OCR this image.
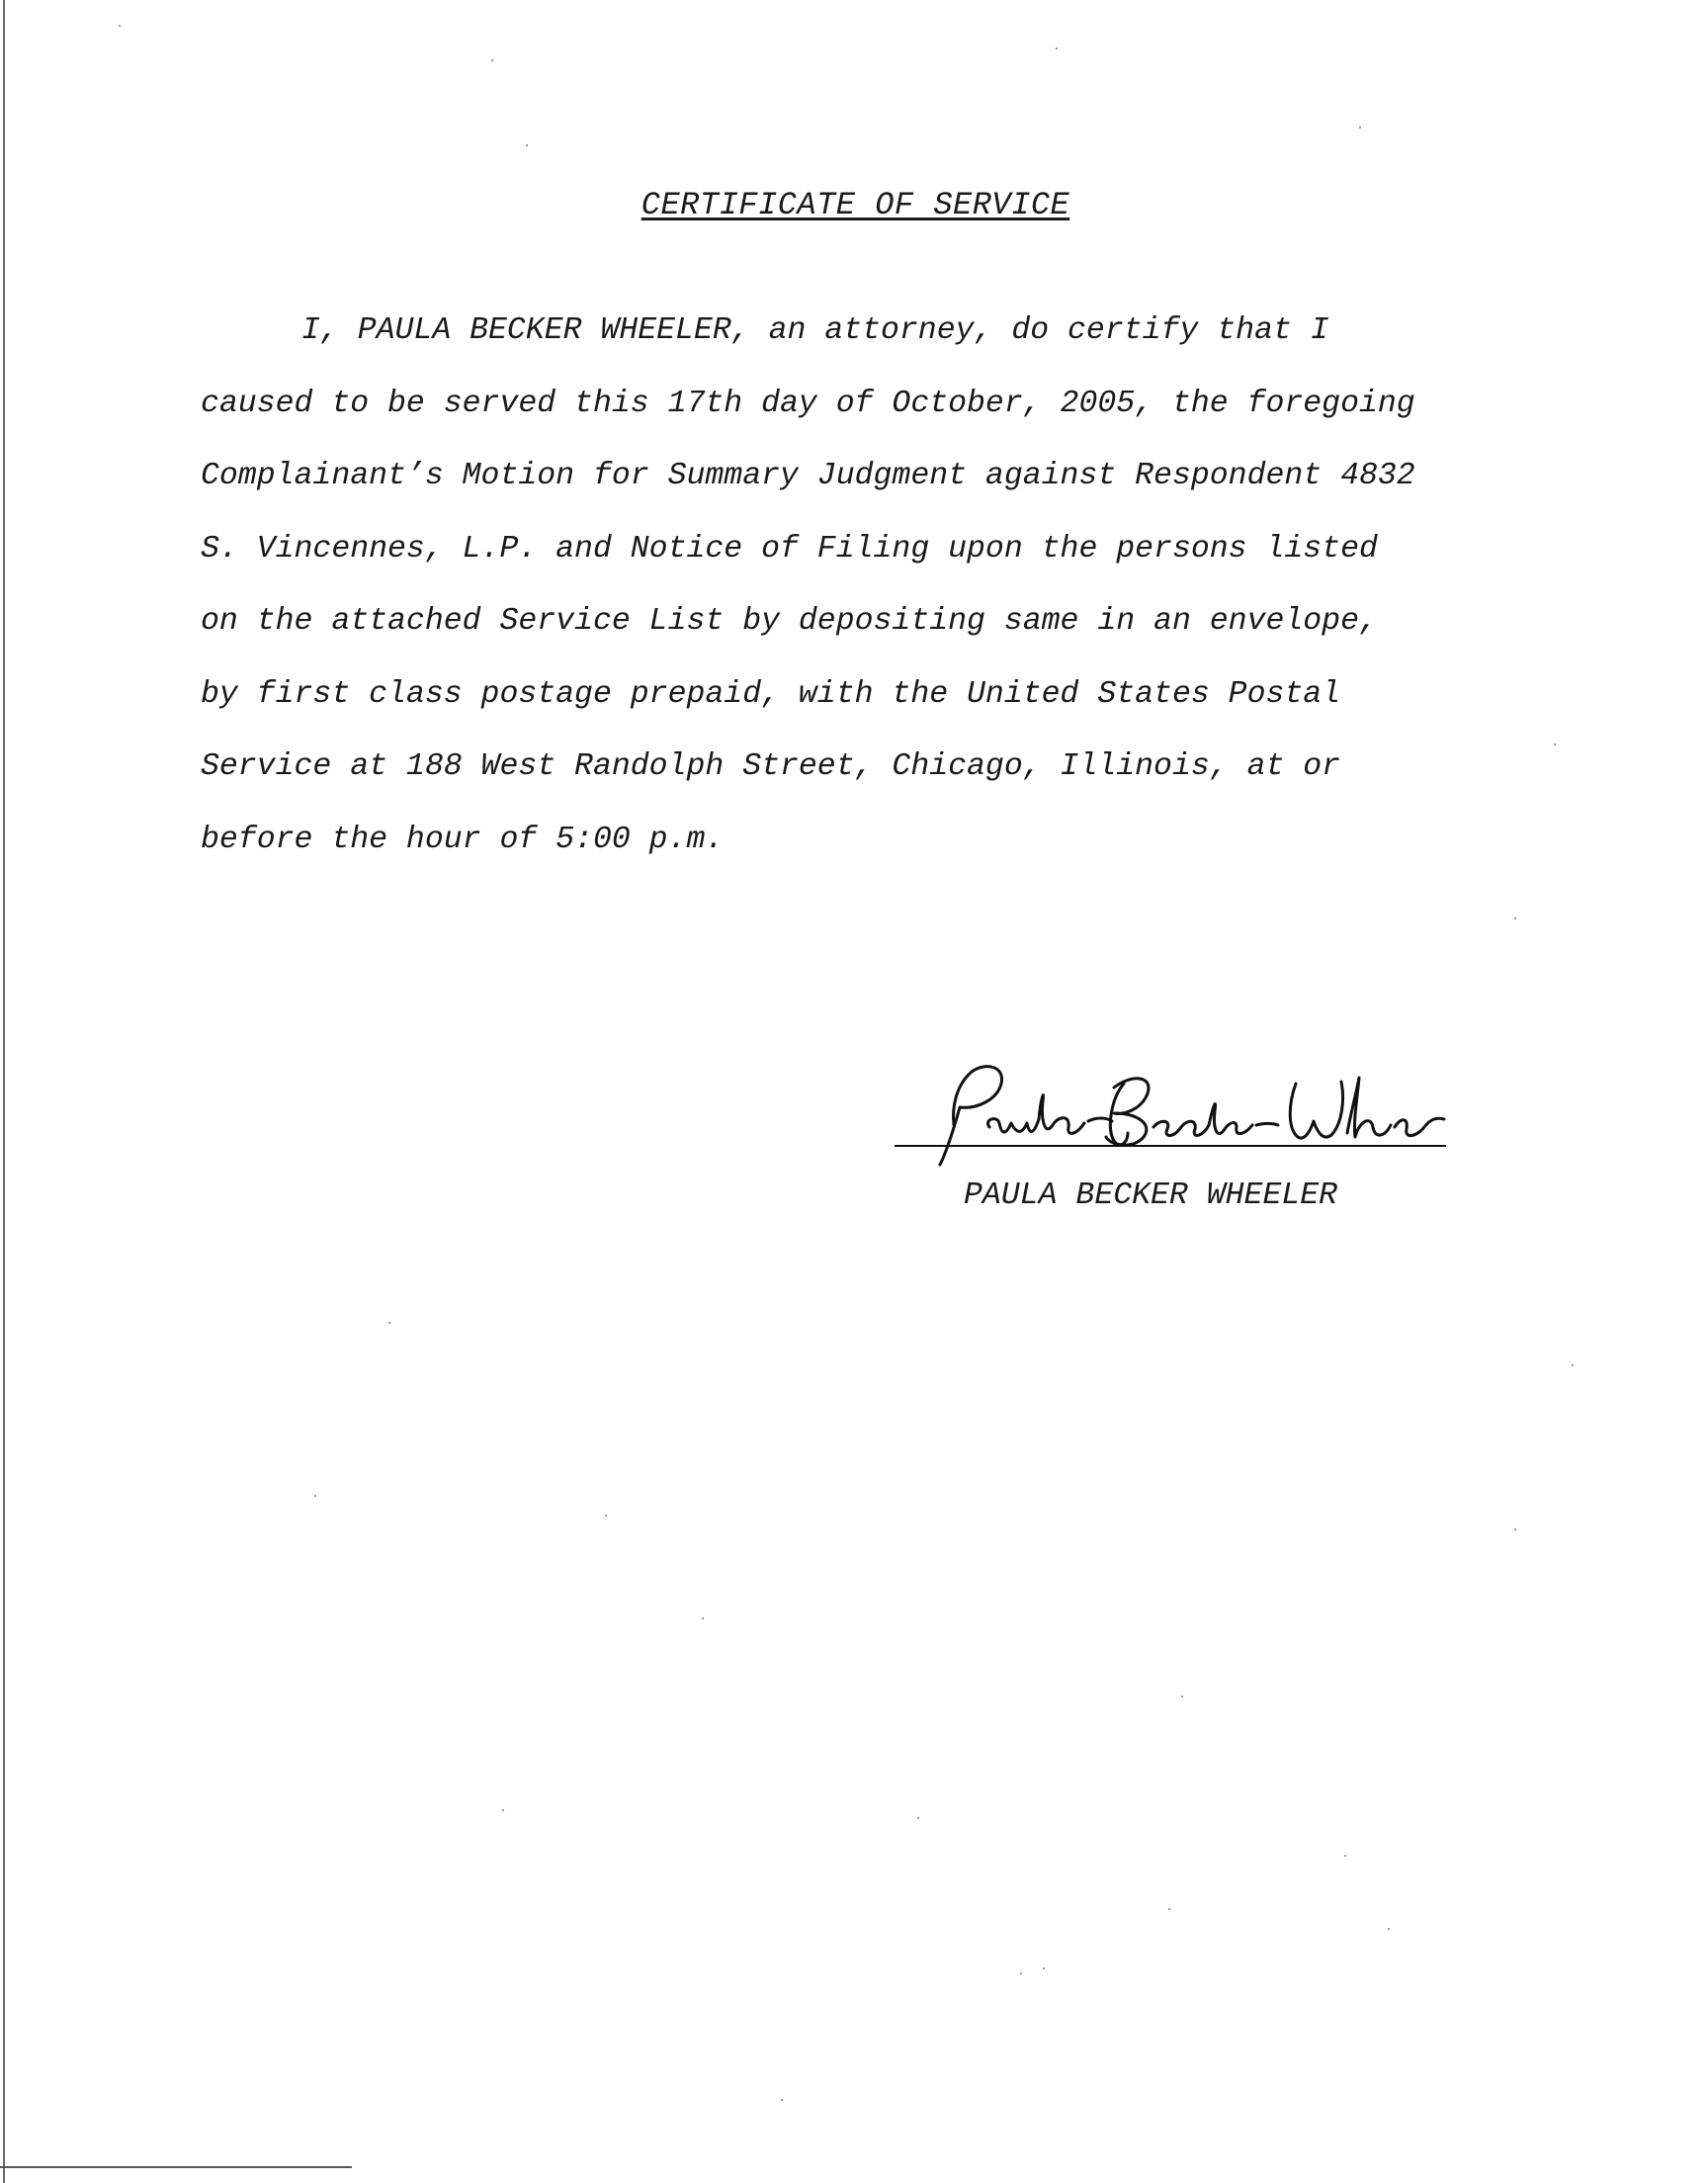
CERTIFICATE OF SERVICE
I, PAULA BECKER WHEELER, an attorney, do certify that I
caused to be served this 17th day of October, 2005, the foregoing
Complainant’s Motion for Summary Judgment against Respondent 4832
S. Vincennes, L.P. and Notice of Filing upon the persons listed
on the attached Service List by depositing same in an envelope,
by first class postage prepaid, with the United States Postal
Service at 188 West Randolph Street, Chicago, Illinois, at or
before the hour of 5:00 p.m.
PAULA BECKER WHEELER
